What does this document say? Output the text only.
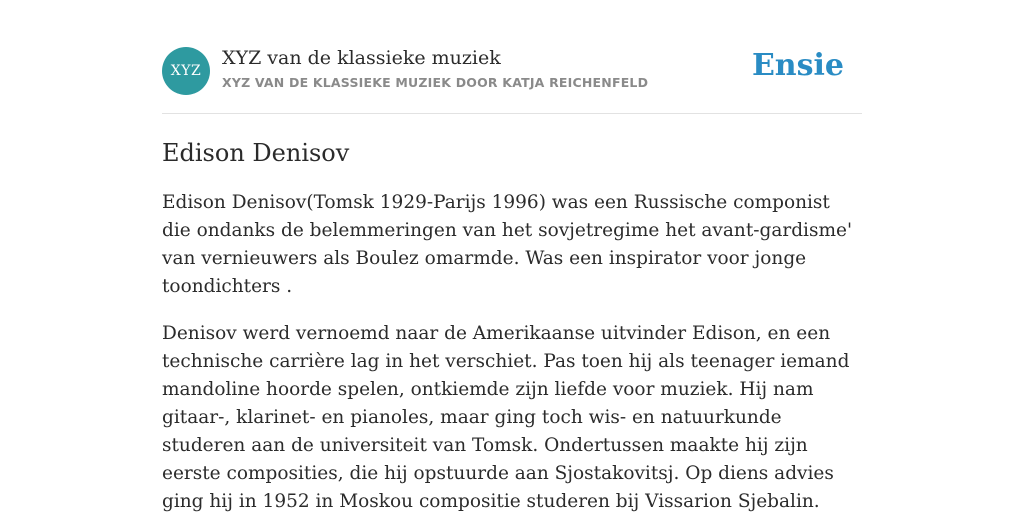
XYZ
XYZ van de klassieke muziek
XYZ VAN DE KLASSIEKE MUZIEK DOOR KATJA REICHENFELD	Ensie
Edison Denisov

Edison Denisov(Tomsk 1929-Parijs 1996) was een Russische componist die ondanks de belemmeringen van het sovjetregime het avant-gardisme' van vernieuwers als Boulez omarmde. Was een inspirator voor jonge toondichters .

Denisov werd vernoemd naar de Amerikaanse uitvinder Edison, en een technische carrière lag in het verschiet. Pas toen hij als teenager iemand mandoline hoorde spelen, ontkiemde zijn liefde voor muziek. Hij nam gitaar-, klarinet- en pianoles, maar ging toch wis- en natuurkunde studeren aan de universiteit van Tomsk. Ondertussen maakte hij zijn eerste composities, die hij opstuurde aan Sjostakovitsj. Op diens advies ging hij in 1952 in Moskou compositie studeren bij Vissarion Sjebalin.
